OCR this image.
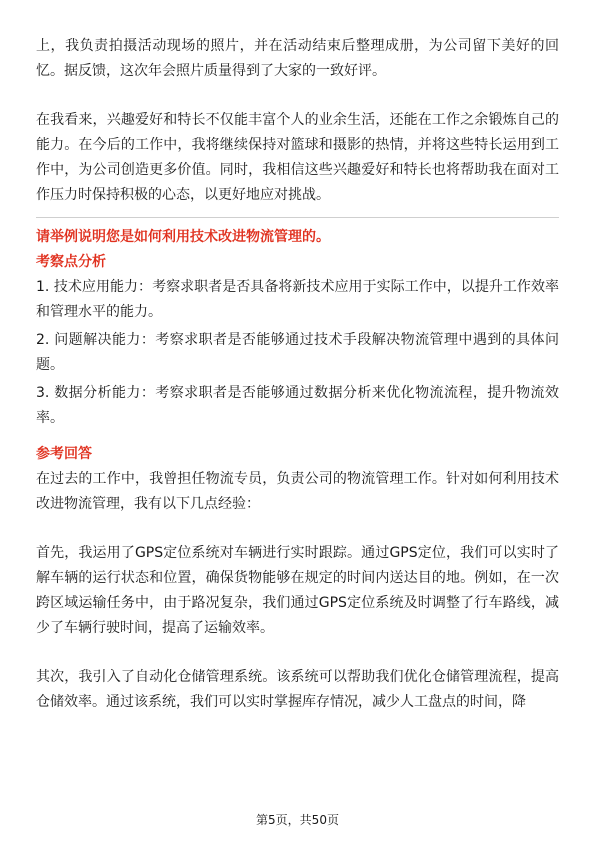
上，我负责拍摄活动现场的照片，并在活动结束后整理成册，为公司留下美好的回忆。据反馈，这次年会照片质量得到了大家的一致好评。

在我看来，兴趣爱好和特长不仅能丰富个人的业余生活，还能在工作之余锻炼自己的能力。在今后的工作中，我将继续保持对篮球和摄影的热情，并将这些特长运用到工作中，为公司创造更多价值。同时，我相信这些兴趣爱好和特长也将帮助我在面对工作压力时保持积极的心态，以更好地应对挑战。

请举例说明您是如何利用技术改进物流管理的。

考察点分析

1. 技术应用能力：考察求职者是否具备将新技术应用于实际工作中，以提升工作效率和管理水平的能力。

2. 问题解决能力：考察求职者是否能够通过技术手段解决物流管理中遇到的具体问题。

3. 数据分析能力：考察求职者是否能够通过数据分析来优化物流流程，提升物流效率。

参考回答

在过去的工作中，我曾担任物流专员，负责公司的物流管理工作。针对如何利用技术改进物流管理，我有以下几点经验：

首先，我运用了GPS定位系统对车辆进行实时跟踪。通过GPS定位，我们可以实时了解车辆的运行状态和位置，确保货物能够在规定的时间内送达目的地。例如，在一次跨区域运输任务中，由于路况复杂，我们通过GPS定位系统及时调整了行车路线，减少了车辆行驶时间，提高了运输效率。

其次，我引入了自动化仓储管理系统。该系统可以帮助我们优化仓储管理流程，提高仓储效率。通过该系统，我们可以实时掌握库存情况，减少人工盘点的时间，降

第5页，共50页
